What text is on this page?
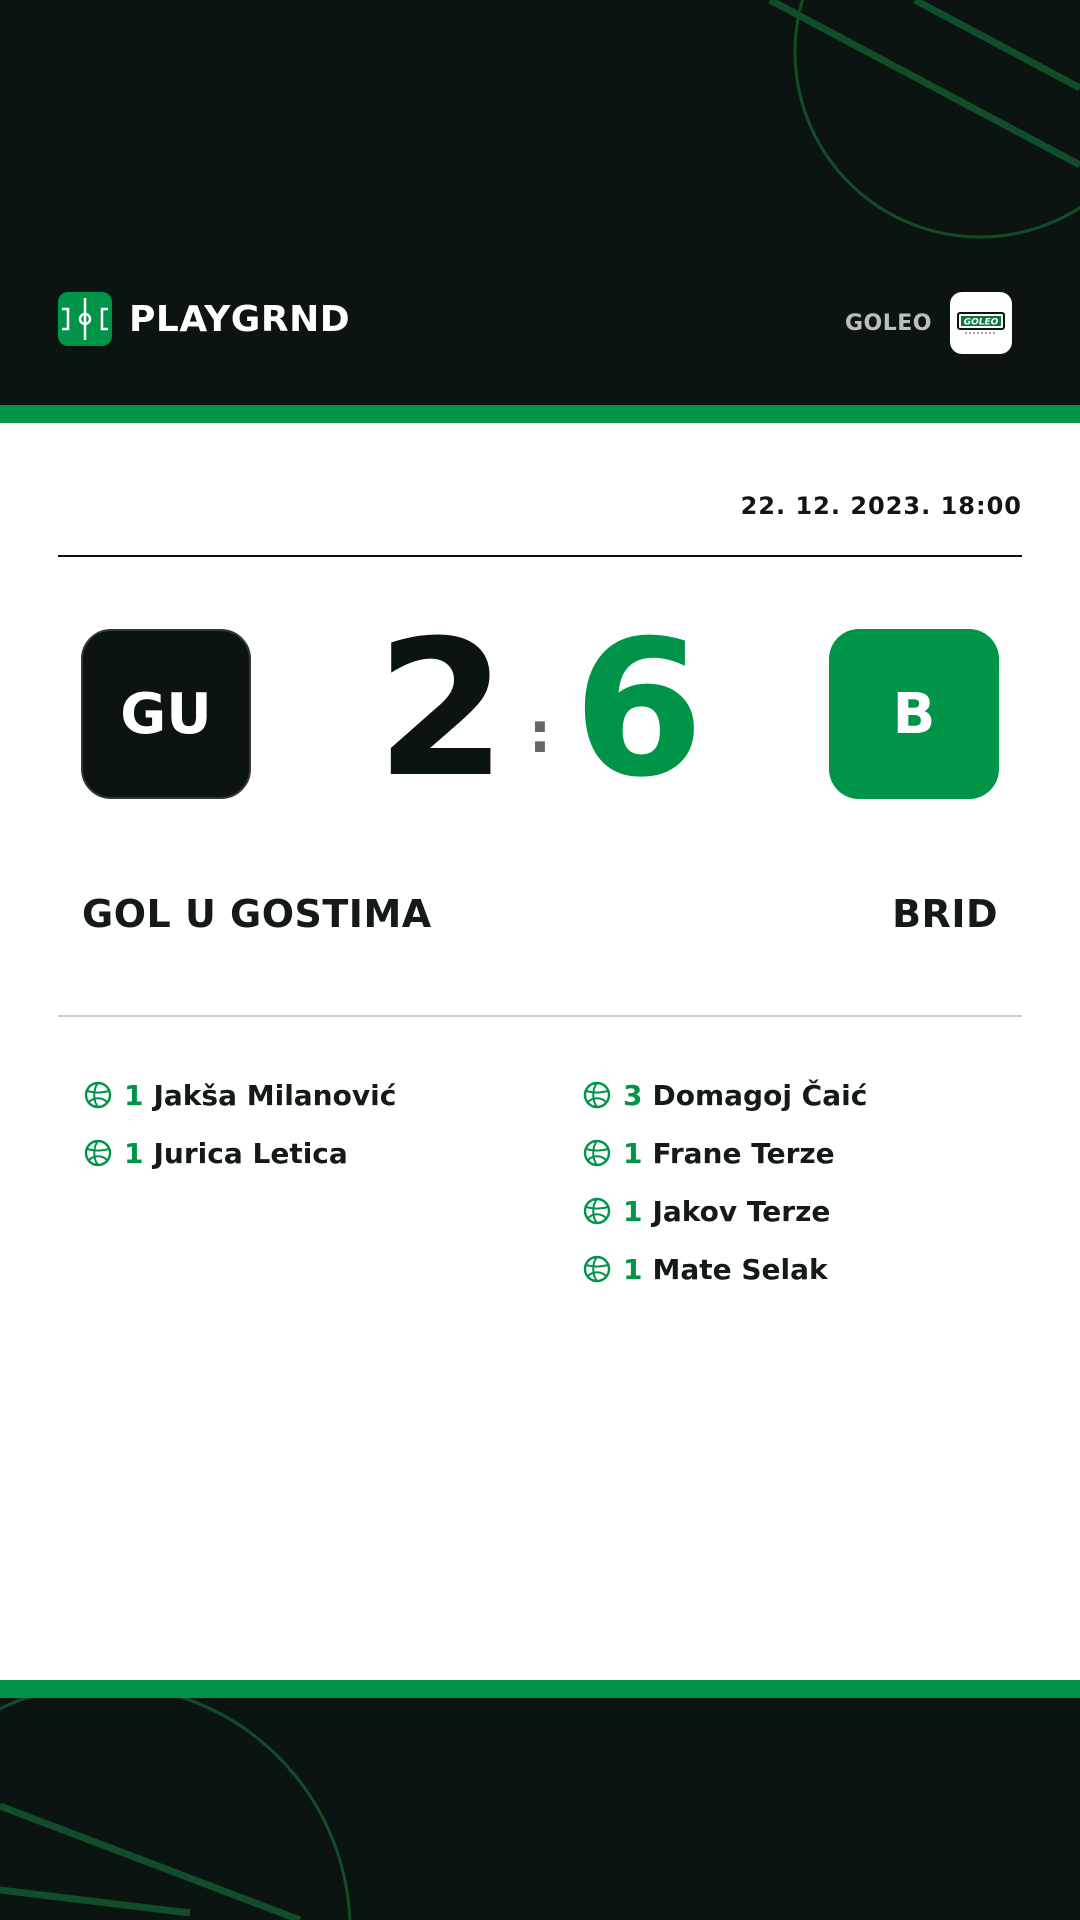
PLAYGRND	GOLEO	GOLEO
22. 12. 2023. 18:00
GU 2 : 6	B
GOL U GOSTIMA	BRID
1 Jakša Milanović
1 Jurica Letica
3 Domagoj Čaić
1 Frane Terze
1 Jakov Terze
1 Mate Selak
